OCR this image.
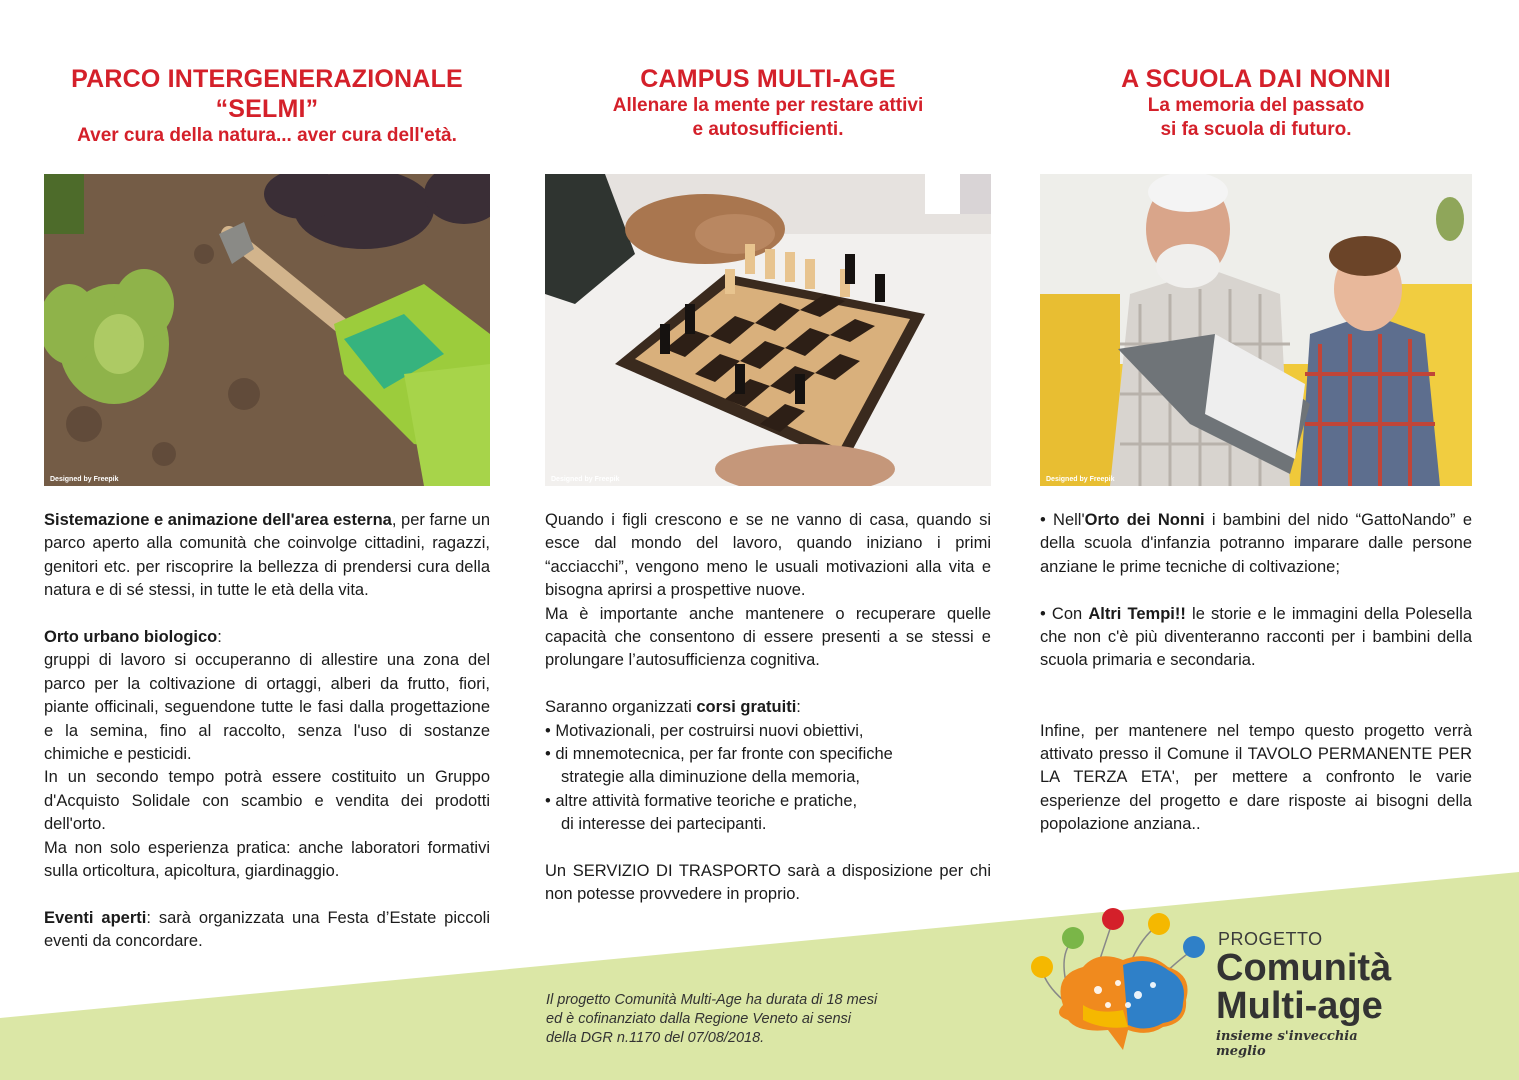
PARCO INTERGENERAZIONALE
“SELMI”
Aver cura della natura... aver cura dell'età.
CAMPUS MULTI-AGE
Allenare la mente per restare attivi
e autosufficienti.
A SCUOLA DAI NONNI
La memoria del passato
si fa scuola di futuro.
Designed by Freepik	Designed by Freepik	Designed by Freepik

Sistemazione e animazione dell'area esterna, per farne un parco aperto alla comunità che coinvolge cittadini, ragazzi, genitori etc. per riscoprire la bellezza di prendersi cura della natura e di sé stessi, in tutte le età della vita.

Orto urbano biologico:

gruppi di lavoro si occuperanno di allestire una zona del parco per la coltivazione di ortaggi, alberi da frutto, fiori, piante officinali, seguendone tutte le fasi dalla progettazione e la semina, fino al raccolto, senza l'uso di sostanze chimiche e pesticidi.

In un secondo tempo potrà essere costituito un Gruppo d'Acquisto Solidale con scambio e vendita dei prodotti dell'orto.

Ma non solo esperienza pratica: anche laboratori formativi sulla orticoltura, apicoltura, giardinaggio.

Eventi aperti: sarà organizzata una Festa d’Estate piccoli eventi da concordare.

Quando i figli crescono e se ne vanno di casa, quando si esce dal mondo del lavoro, quando iniziano i primi “acciacchi”, vengono meno le usuali motivazioni alla vita e bisogna aprirsi a prospettive nuove.

Ma è importante anche mantenere o recuperare quelle capacità che consentono di essere presenti a se stessi e prolungare l’autosufficienza cognitiva.

Saranno organizzati corsi gratuiti:

• Motivazionali, per costruirsi nuovi obiettivi,

• di mnemotecnica, per far fronte con specifiche

strategie alla diminuzione della memoria,

• altre attività formative teoriche e pratiche,

di interesse dei partecipanti.

Un SERVIZIO DI TRASPORTO sarà a disposizione per chi non potesse provvedere in proprio.

• Nell'Orto dei Nonni i bambini del nido “GattoNando” e della scuola d'infanzia potranno imparare dalle persone anziane le prime tecniche di coltivazione;

• Con Altri Tempi!! le storie e le immagini della Polesella che non c'è più diventeranno racconti per i bambini della scuola primaria e secondaria.

Infine, per mantenere nel tempo questo progetto verrà attivato presso il Comune il TAVOLO PERMANENTE PER LA TERZA ETA', per mettere a confronto le varie esperienze del progetto e dare risposte ai bisogni della popolazione anziana..

Il progetto Comunità Multi-Age ha durata di 18 mesi
ed è cofinanziato dalla Regione Veneto ai sensi
della DGR n.1170 del 07/08/2018.
PROGETTO
Comunità
Multi-age
insieme s'invecchia meglio
